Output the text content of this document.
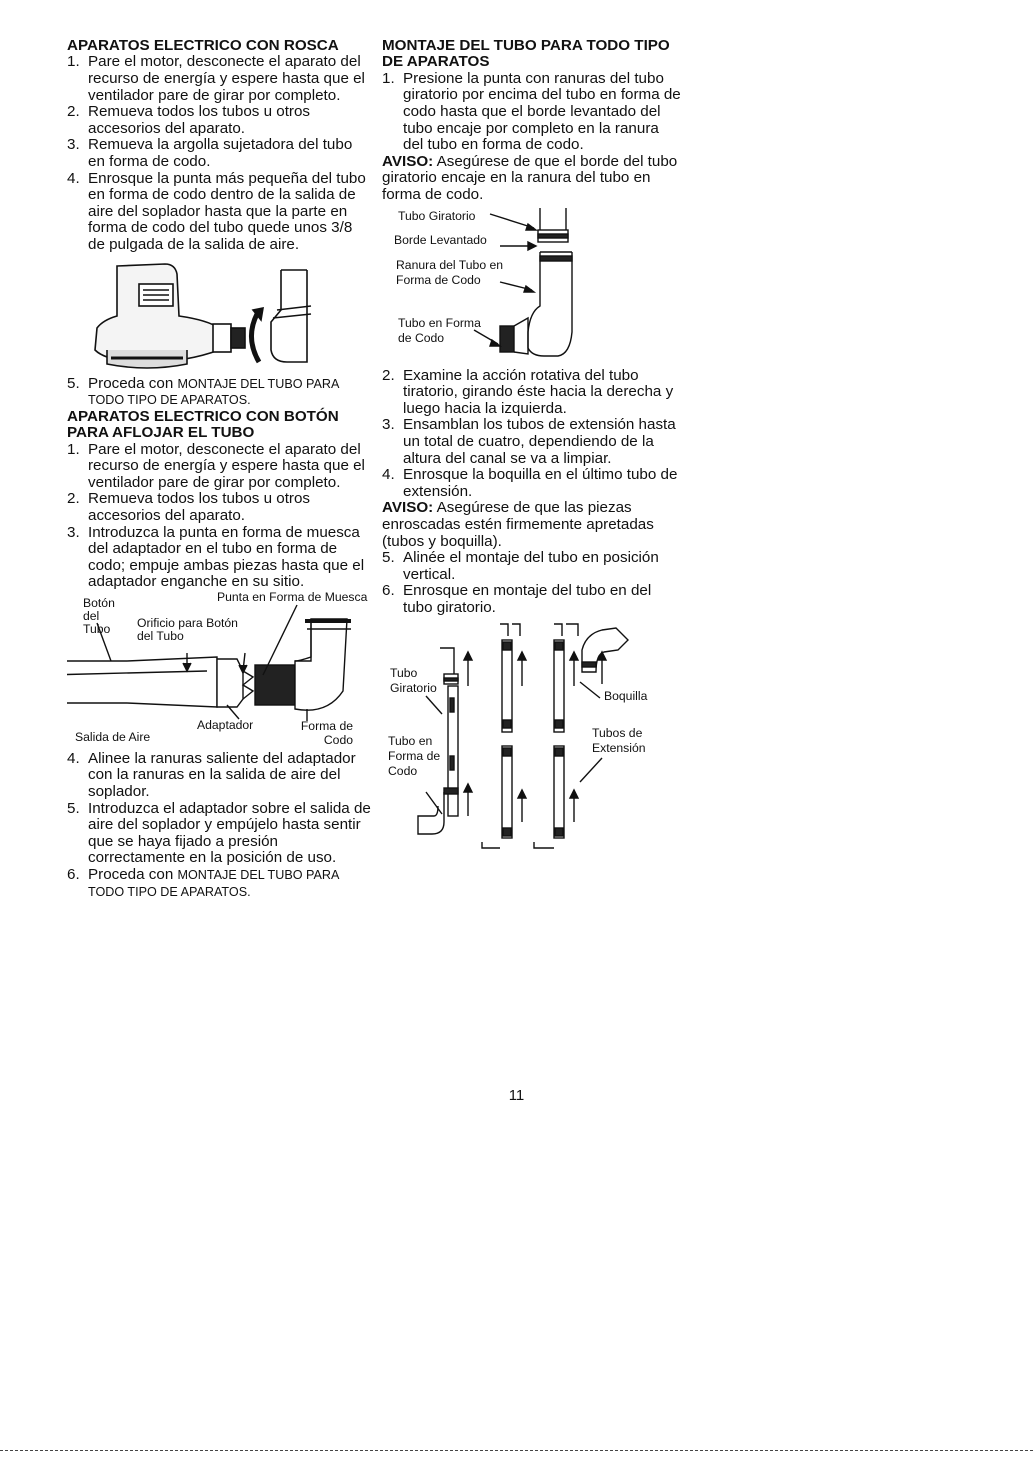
APARATOS ELECTRICO CON ROSCA
1. Pare el motor, desconecte el aparato del recurso de energía y espere hasta que el ventilador pare de girar por completo.
2. Remueva todos los tubos u otros accesorios del aparato.
3. Remueva la argolla sujetadora del tubo en forma de codo.
4. Enrosque la punta más pequeña del tubo en forma de codo dentro de la salida de aire del soplador hasta que la parte en forma de codo del tubo quede unos 3/8 de pulgada de la salida de aire.
5. Proceda con MONTAJE DEL TUBO PARA TODO TIPO DE APARATOS.
APARATOS ELECTRICO CON BOTÓN PARA AFLOJAR EL TUBO
1. Pare el motor, desconecte el aparato del recurso de energía y espere hasta que el ventilador pare de girar por completo.
2. Remueva todos los tubos u otros accesorios del aparato.
3. Introduzca la punta en forma de muesca del adaptador en el tubo en forma de codo; empuje ambas piezas hasta que el adaptador enganche en su sitio.
Punta en Forma de Muesca
Botón del Tubo	Orificio para Botón del Tubo
Salida de Aire
Adaptador	Forma de Codo
4. Alinee la ranuras saliente del adaptador con la ranuras en la salida de aire del soplador.
5. Introduzca el adaptador sobre el salida de aire del soplador y empújelo hasta sentir que se haya fijado a presión correctamente en la posición de uso.
6. Proceda con MONTAJE DEL TUBO PARA TODO TIPO DE APARATOS.
MONTAJE DEL TUBO PARA TODO TIPO DE APARATOS
1. Presione la punta con ranuras del tubo giratorio por encima del tubo en forma de codo hasta que el borde levantado del tubo encaje por completo en la ranura del tubo en forma de codo.

AVISO: Asegúrese de que el borde del tubo giratorio encaje en la ranura del tubo en forma de codo.

Tubo Giratorio
Borde Levantado
Ranura del Tubo en Forma de Codo
Tubo en Forma de Codo
2. Examine la acción rotativa del tubo tiratorio, girando éste hacia la derecha y luego hacia la izquierda.
3. Ensamblan los tubos de extensión hasta un total de cuatro, dependiendo de la altura del canal se va a limpiar.
4. Enrosque la boquilla en el último tubo de extensión.

AVISO: Asegúrese de que las piezas enroscadas estén firmemente apretadas (tubos y boquilla).

5. Alinée el montaje del tubo en posición vertical.
6. Enrosque en montaje del tubo en del tubo giratorio.
Tubo Giratorio
Tubo en Forma de Codo
Boquilla
Tubos de Extensión
11
